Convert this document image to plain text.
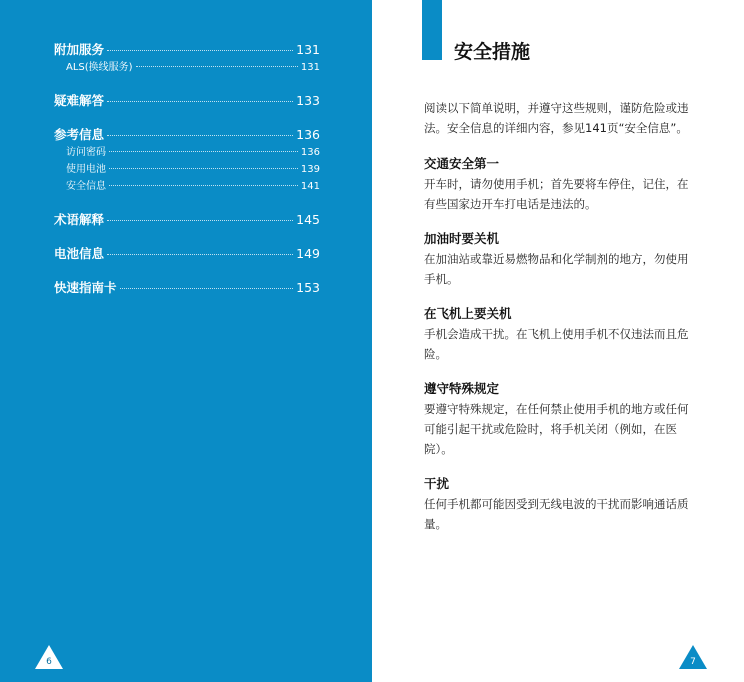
附加服务	131
ALS(换线服务)	131
疑难解答	133
参考信息	136
访问密码	136
使用电池	139
安全信息	141
术语解释	145
电池信息	149
快速指南卡	153
6
安全措施
阅读以下简单说明，并遵守这些规则，谨防危险或违法。安全信息的详细内容，参见141页“安全信息”。
交通安全第一
开车时，请勿使用手机；首先要将车停住，记住，在有些国家边开车打电话是违法的。
加油时要关机
在加油站或靠近易燃物品和化学制剂的地方，勿使用手机。
在飞机上要关机
手机会造成干扰。在飞机上使用手机不仅违法而且危险。
遵守特殊规定
要遵守特殊规定，在任何禁止使用手机的地方或任何可能引起干扰或危险时，将手机关闭（例如，在医院）。
干扰
任何手机都可能因受到无线电波的干扰而影响通话质量。
7
